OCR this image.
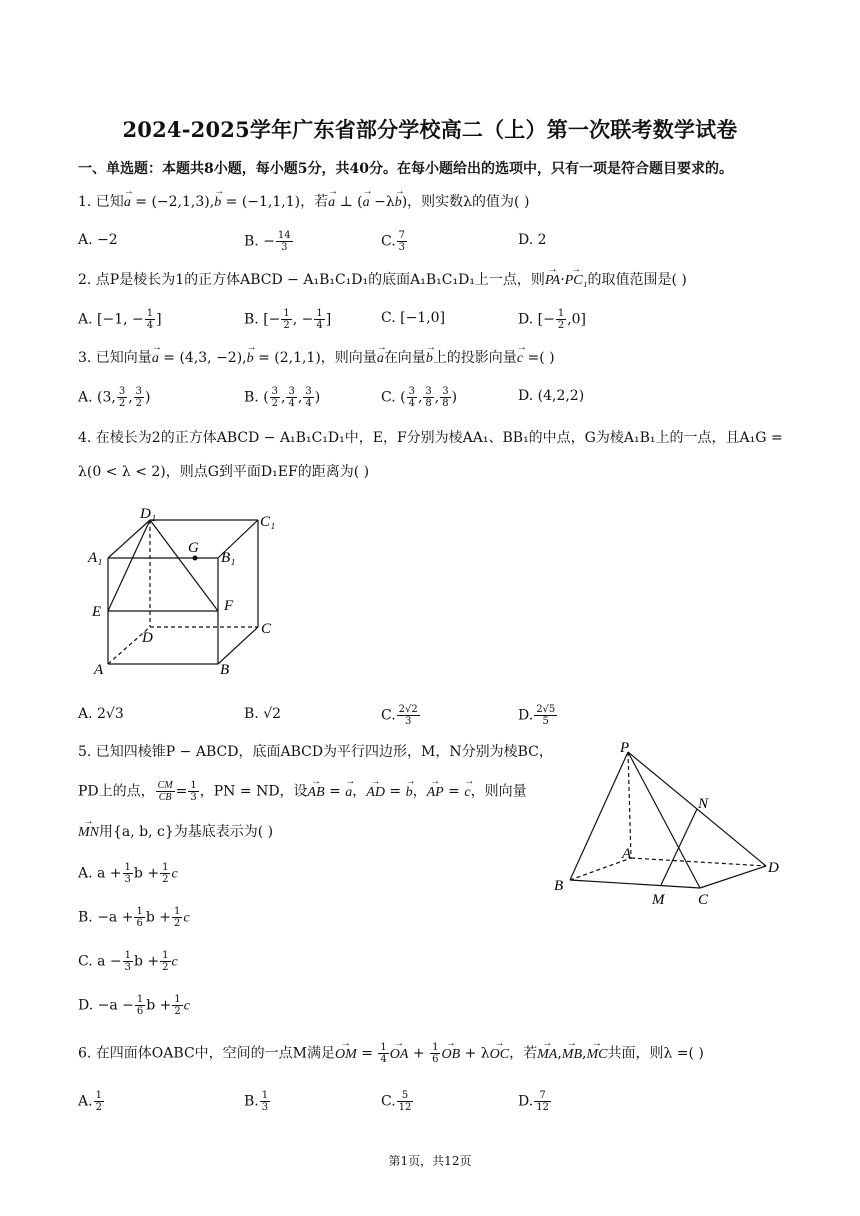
2024-2025学年广东省部分学校高二（上）第一次联考数学试卷
一、单选题：本题共8小题，每小题5分，共40分。在每小题给出的选项中，只有一项是符合题目要求的。
1. 已知→ a = (−2,1,3),→ b = (−1,1,1)，若→ a ⊥ (→ a −λ→ b)，则实数λ的值为( )
A. −2	B. − $\frac{14}{3}$	C. $\frac{7}{3}$	D. 2
2. 点P是棱长为1的正方体ABCD − A₁B₁C₁D₁的底面A₁B₁C₁D₁上一点，则→ PA·→ PC₁的取值范围是( )
A. [−1, − $\frac{1}{4}$ ]	B. [− $\frac{1}{2}$ , − $\frac{1}{4}$ ]	C. [−1,0]	D. [− $\frac{1}{2} ,0$]
3. 已知向量→ a = (4,3, −2),→ b = (2,1,1)，则向量→ a在向量→ b上的投影向量→ c =( )
A. (3, $\frac{3}{2}$ , $\frac{3}{2}$ )	B. ( $\frac{3}{2}$ , $\frac{3}{4}$ , $\frac{3}{4}$ )	C. ( $\frac{3}{4}$ , $\frac{3}{8}$ , $\frac{3}{8}$ )	D. (4,2,2)
4. 在棱长为2的正方体ABCD − A₁B₁C₁D₁中，E，F分别为棱AA₁、BB₁的中点，G为棱A₁B₁上的一点，且A₁G =
λ(0 < λ < 2)，则点G到平面D₁EF的距离为( )
D₁	C₁
G
A₁	B₁
E	F
D
C
A	B
A. 2√3	B. √2	C. $\frac{2√2}{3}$	D. $\frac{2√5}{5}$
5. 已知四棱锥P − ABCD，底面ABCD为平行四边形，M，N分别为棱BC，
PD上的点， $\frac{CM}{CB} = \frac{1}{3}$ ，PN = ND，设→ AB = → a，→ AD = → b，→ AP = → c，则向量
→ MN用{a, b, c}为基底表示为( )
A. $a + \frac{1}{3}$ $b + \frac{1}{2}$ c
B. $-a + \frac{1}{6}$ $b + \frac{1}{2}$ c
C. $a - \frac{1}{3}$ $b + \frac{1}{2}$ c
D. $-a - \frac{1}{6}$ $b + \frac{1}{2}$ c
P
N
A
B
M C
D
6. 在四面体OABC中，空间的一点M满足→ OM = $\frac{1}{4}$ → OA + $\frac{1}{6}$ → OB + λ→ OC，若→ MA,→ MB,→ MC共面，则λ =( )
A. $\frac{1}{2}$	B. $\frac{1}{3}$	C. $\frac{5}{12}$	D. $\frac{7}{12}$
第1页，共12页
